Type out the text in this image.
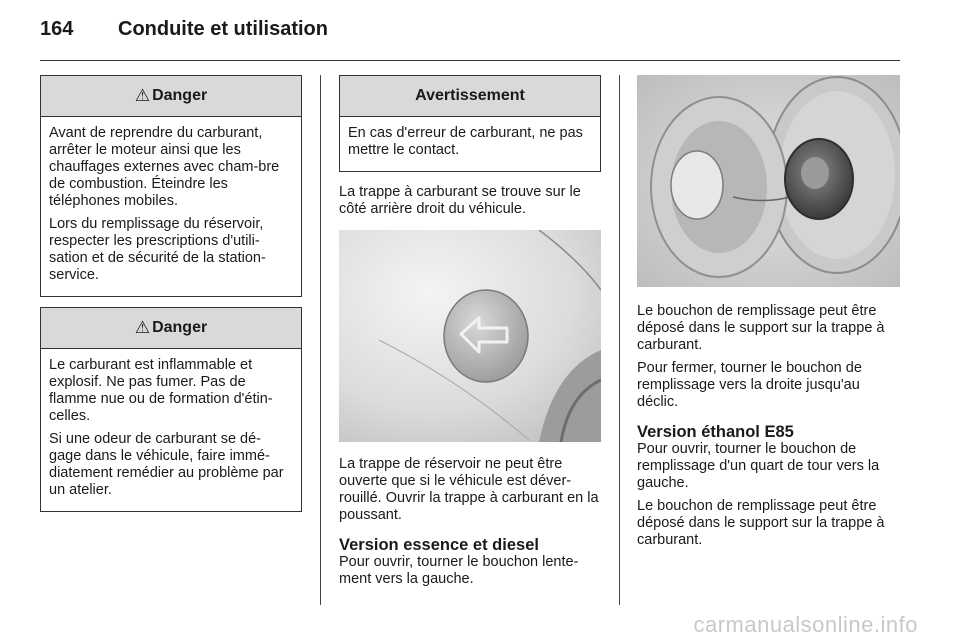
164	Conduite et utilisation
⚠ Danger

Avant de reprendre du carburant, arrêter le moteur ainsi que les chauffages externes avec cham-bre de combustion. Éteindre les téléphones mobiles.

Lors du remplissage du réservoir, respecter les prescriptions d'utili-sation et de sécurité de la station-service.

⚠ Danger

Le carburant est inflammable et explosif. Ne pas fumer. Pas de flamme nue ou de formation d'étin-celles.

Si une odeur de carburant se dé-gage dans le véhicule, faire immé-diatement remédier au problème par un atelier.

Avertissement

En cas d'erreur de carburant, ne pas mettre le contact.

La trappe à carburant se trouve sur le côté arrière droit du véhicule.

La trappe de réservoir ne peut être ouverte que si le véhicule est déver-rouillé. Ouvrir la trappe à carburant en la poussant.

Version essence et diesel

Pour ouvrir, tourner le bouchon lente-ment vers la gauche.

Le bouchon de remplissage peut être déposé dans le support sur la trappe à carburant.

Pour fermer, tourner le bouchon de remplissage vers la droite jusqu'au déclic.

Version éthanol E85

Pour ouvrir, tourner le bouchon de remplissage d'un quart de tour vers la gauche.

Le bouchon de remplissage peut être déposé dans le support sur la trappe à carburant.

carmanualsonline.info
